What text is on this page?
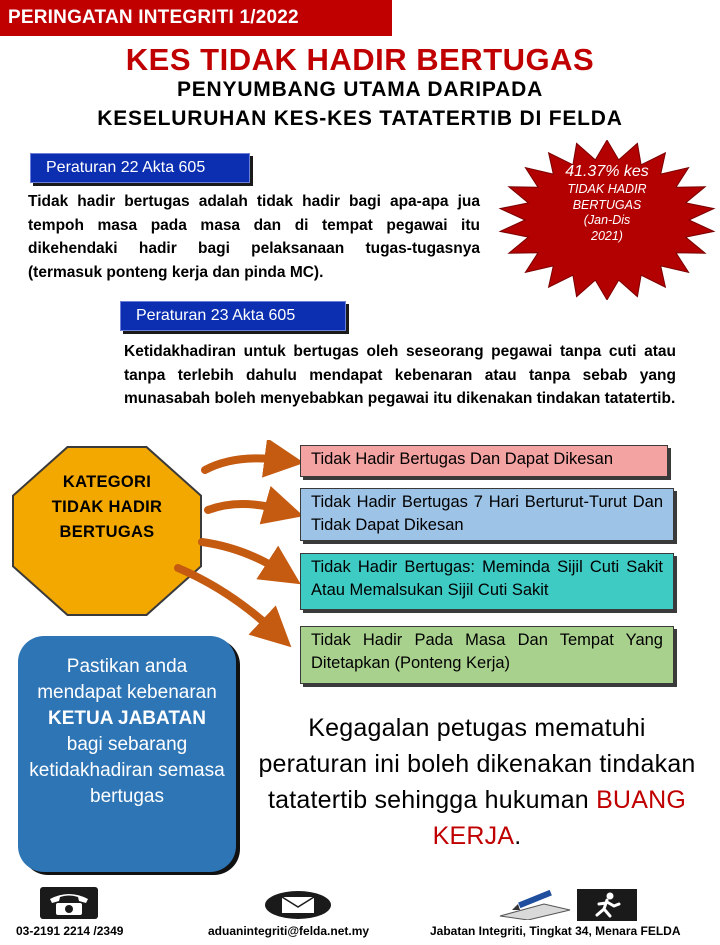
PERINGATAN INTEGRITI 1/2022
KES TIDAK HADIR BERTUGAS
PENYUMBANG UTAMA DARIPADA
KESELURUHAN KES-KES TATATERTIB DI FELDA
Peraturan 22 Akta 605
Tidak hadir bertugas adalah tidak hadir bagi apa-apa jua tempoh masa pada masa dan di tempat pegawai itu dikehendaki hadir bagi pelaksanaan tugas-tugasnya (termasuk ponteng kerja dan pinda MC).
41.37% kes
TIDAK HADIR
BERTUGAS
(Jan-Dis
2021)
Peraturan 23 Akta 605
Ketidakhadiran untuk bertugas oleh seseorang pegawai tanpa cuti atau tanpa terlebih dahulu mendapat kebenaran atau tanpa sebab yang munasabah boleh menyebabkan pegawai itu dikenakan tindakan tatatertib.
KATEGORI
TIDAK HADIR
BERTUGAS
Tidak Hadir Bertugas Dan Dapat Dikesan
Tidak Hadir Bertugas 7 Hari Berturut-Turut Dan Tidak Dapat Dikesan
Tidak Hadir Bertugas: Meminda Sijil Cuti Sakit Atau Memalsukan Sijil Cuti Sakit
Tidak Hadir Pada Masa Dan Tempat Yang Ditetapkan (Ponteng Kerja)
Pastikan anda mendapat kebenaran KETUA JABATAN bagi sebarang ketidakhadiran semasa bertugas
Kegagalan petugas mematuhi peraturan ini boleh dikenakan tindakan tatatertib sehingga hukuman BUANG KERJA.
03-2191 2214 /2349	aduanintegriti@felda.net.my	Jabatan Integriti, Tingkat 34, Menara FELDA
